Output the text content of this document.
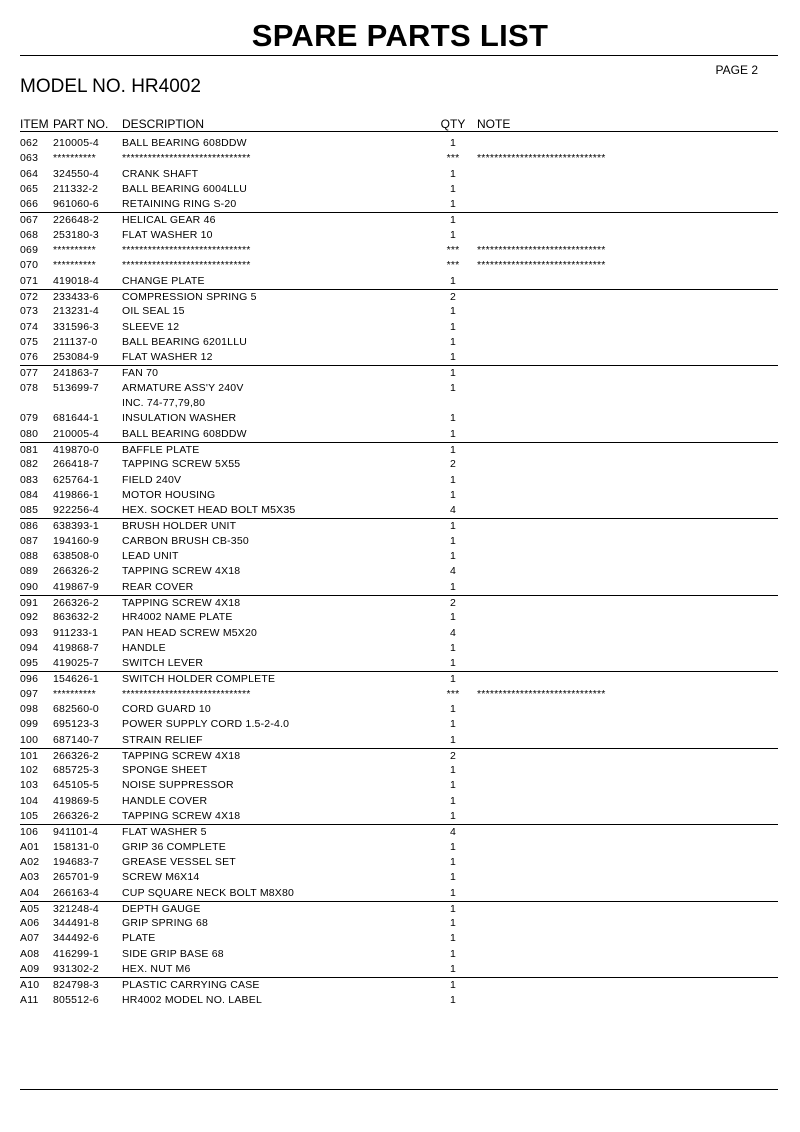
SPARE PARTS LIST
PAGE 2
MODEL NO. HR4002
ITEM PART NO. DESCRIPTION	QTY NOTE
062 210005-4 BALL BEARING 608DDW	1
063 ********** ******************************	***	******************************
064 324550-4 CRANK SHAFT	1
065 211332-2 BALL BEARING 6004LLU	1
066 961060-6 RETAINING RING S-20	1
067 226648-2 HELICAL GEAR 46	1
068 253180-3 FLAT WASHER 10	1
069 ********** ******************************	***	******************************
070 ********** ******************************	***	******************************
071 419018-4 CHANGE PLATE	1
072 233433-6 COMPRESSION SPRING 5	2
073 213231-4 OIL SEAL 15	1
074 331596-3 SLEEVE 12	1
075 211137-0 BALL BEARING 6201LLU	1
076 253084-9 FLAT WASHER 12	1
077 241863-7 FAN 70	1
078 513699-7 ARMATURE ASS'Y 240V	1
INC. 74-77,79,80
079 681644-1 INSULATION WASHER	1
080 210005-4 BALL BEARING 608DDW	1
081 419870-0 BAFFLE PLATE	1
082 266418-7 TAPPING SCREW 5X55	2
083 625764-1 FIELD 240V	1
084 419866-1 MOTOR HOUSING	1
085 922256-4 HEX. SOCKET HEAD BOLT M5X35	4
086 638393-1 BRUSH HOLDER UNIT	1
087 194160-9 CARBON BRUSH CB-350	1
088 638508-0 LEAD UNIT	1
089 266326-2 TAPPING SCREW 4X18	4
090 419867-9 REAR COVER	1
091 266326-2 TAPPING SCREW 4X18	2
092 863632-2 HR4002 NAME PLATE	1
093 911233-1 PAN HEAD SCREW M5X20	4
094 419868-7 HANDLE	1
095 419025-7 SWITCH LEVER	1
096 154626-1 SWITCH HOLDER COMPLETE	1
097 ********** ******************************	***	******************************
098 682560-0 CORD GUARD 10	1
099 695123-3 POWER SUPPLY CORD 1.5-2-4.0	1
100 687140-7 STRAIN RELIEF	1
101 266326-2 TAPPING SCREW 4X18	2
102 685725-3 SPONGE SHEET	1
103 645105-5 NOISE SUPPRESSOR	1
104 419869-5 HANDLE COVER	1
105 266326-2 TAPPING SCREW 4X18	1
106 941101-4 FLAT WASHER 5	4
A01 158131-0 GRIP 36 COMPLETE	1
A02 194683-7 GREASE VESSEL SET	1
A03 265701-9 SCREW M6X14	1
A04 266163-4 CUP SQUARE NECK BOLT M8X80	1
A05 321248-4 DEPTH GAUGE	1
A06 344491-8 GRIP SPRING 68	1
A07 344492-6 PLATE	1
A08 416299-1 SIDE GRIP BASE 68	1
A09 931302-2 HEX. NUT M6	1
A10 824798-3 PLASTIC CARRYING CASE	1
A11 805512-6 HR4002 MODEL NO. LABEL	1
